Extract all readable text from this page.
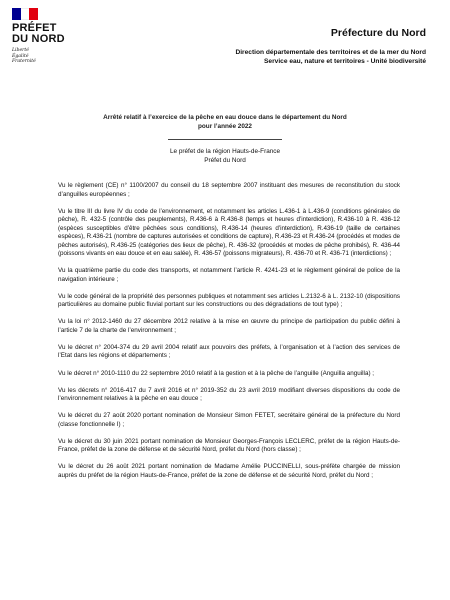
PRÉFET
DU NORD
Liberté
Égalité
Fraternité
Préfecture du Nord
Direction départementale des territoires et de la mer du Nord
Service eau, nature et territoires - Unité biodiversité
Arrêté relatif à l’exercice de la pêche en eau douce dans le département du Nord
pour l’année 2022
Le préfet de la région Hauts-de-France
Préfet du Nord

Vu le règlement (CE) n° 1100/2007 du conseil du 18 septembre 2007 instituant des mesures de reconstitution du stock d’anguilles européennes ;

Vu le titre III du livre IV du code de l’environnement, et notamment les articles L.436-1 à L.436-9 (conditions générales de pêche), R. 432-5 (contrôle des peuplements), R.436-6 à R.436-8 (temps et heures d’interdiction), R.436-10 à R. 436-12 (espèces susceptibles d’être pêchées sous conditions), R.436-14 (heures d’interdiction), R.436-19 (taille de certaines espèces), R.436-21 (nombre de captures autorisées et conditions de capture), R.436-23 et R.436-24 (procédés et modes de pêches autorisés), R.436-25 (catégories des lieux de pêche), R. 436-32 (procédés et modes de pêche prohibés), R. 436-44 (poissons vivants en eau douce et en eau salée), R. 436-57 (poissons migrateurs), R. 436-70 et R. 436-71 (interdictions) ;

Vu la quatrième partie du code des transports, et notamment l’article R. 4241-23 et le règlement général de police de la navigation intérieure ;

Vu le code général de la propriété des personnes publiques et notamment ses articles L.2132-6 à L. 2132-10 (dispositions particulières au domaine public fluvial portant sur les constructions ou des dégradations de tout type) ;

Vu la loi n° 2012-1460 du 27 décembre 2012 relative à la mise en œuvre du principe de participation du public défini à l’article 7 de la charte de l’environnement ;

Vu le décret n° 2004-374 du 29 avril 2004 relatif aux pouvoirs des préfets, à l’organisation et à l’action des services de l’Etat dans les régions et départements ;

Vu le décret n° 2010-1110 du 22 septembre 2010 relatif à la gestion et à la pêche de l’anguille (Anguilla anguilla) ;

Vu les décrets n° 2016-417 du 7 avril 2016 et n° 2019-352 du 23 avril 2019 modifiant diverses dispositions du code de l’environnement relatives à la pêche en eau douce ;

Vu le décret du 27 août 2020 portant nomination de Monsieur Simon FETET, secrétaire général de la préfecture du Nord (classe fonctionnelle I) ;

Vu le décret du 30 juin 2021 portant nomination de Monsieur Georges-François LECLERC, préfet de la région Hauts-de-France, préfet de la zone de défense et de sécurité Nord, préfet du Nord (hors classe) ;

Vu le décret du 26 août 2021 portant nomination de Madame Amélie PUCCINELLI, sous-préfète chargée de mission auprès du préfet de la région Hauts-de-France, préfet de la zone de défense et de sécurité Nord, préfet du Nord ;
